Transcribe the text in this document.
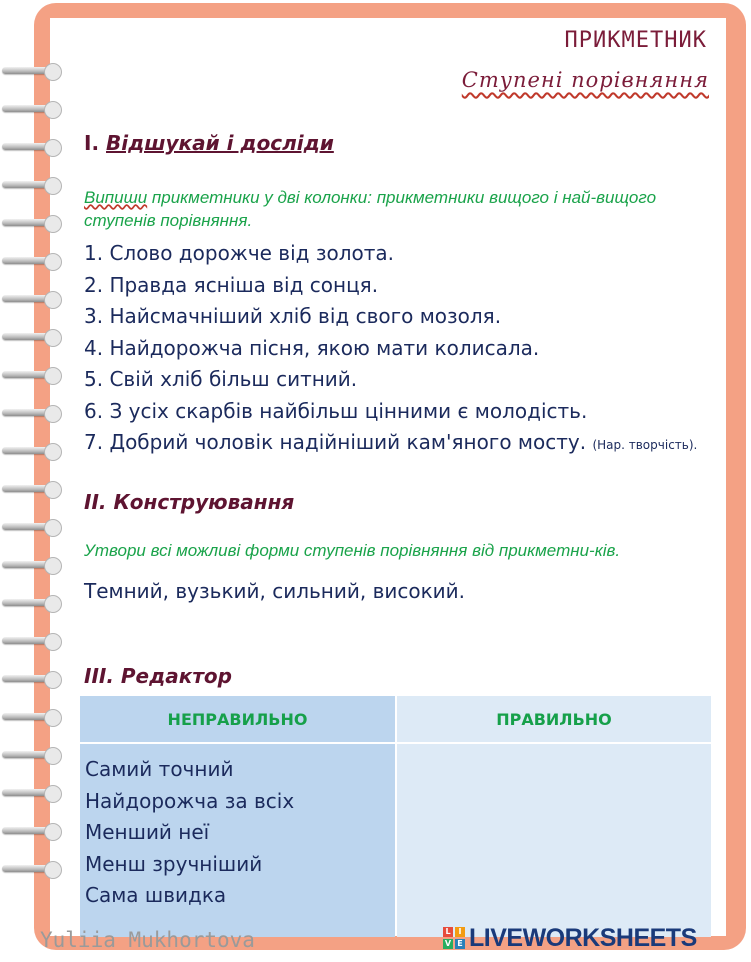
ПРИКМЕТНИК
Ступені порівняння
I. Відшукай і досліди
Випиши прикметники у дві колонки: прикметники вищого і най-вищого ступенів порівняння.
1. Слово дорожче від золота.
2. Правда ясніша від сонця.
3. Найсмачніший хліб від свого мозоля.
4. Найдорожча пісня, якою мати колисала.
5. Свій хліб більш ситний.
6. З усіх скарбів найбільш цінними є молодість.
7. Добрий чоловік надійніший кам'яного мосту. (Нар. творчість).
II. Конструювання
Утвори всі можливі форми ступенів порівняння від прикметни-ків.
Темний, вузький, сильний, високий.
III. Редактор
НЕПРАВИЛЬНО	ПРАВИЛЬНО
Самий точний
Найдорожча за всіх
Менший неї
Менш зручніший
Сама швидка
Yuliia Mukhortova	L I
V E LIVEWORKSHEETS
